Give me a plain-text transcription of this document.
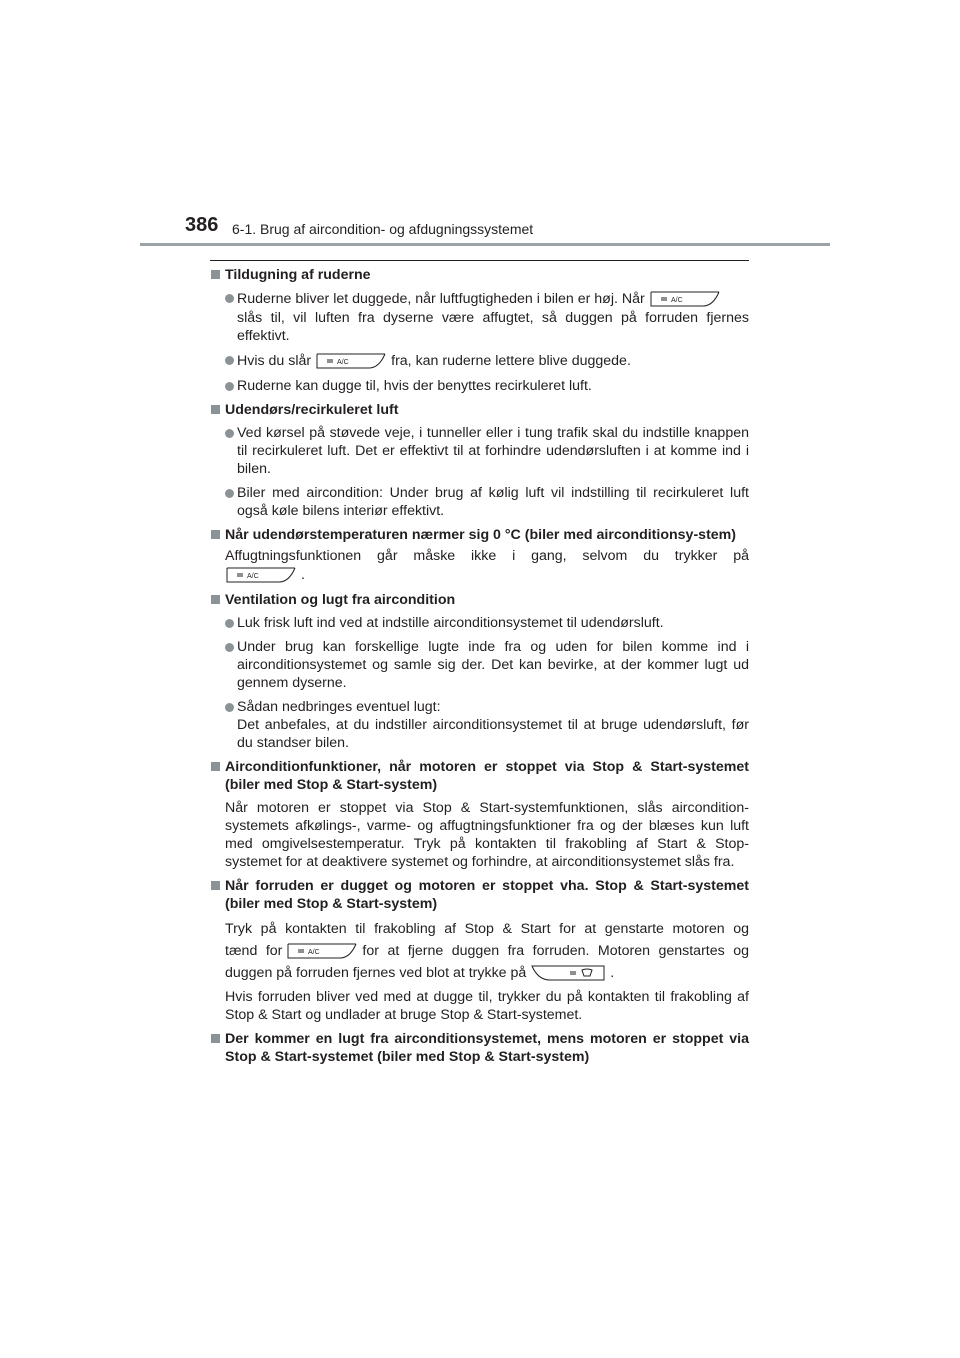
386 6-1. Brug af aircondition- og afdugningssystemet
Tildugning af ruderne
Ruderne bliver let duggede, når luftfugtigheden i bilen er høj. Når	A/C
slås til, vil luften fra dyserne være affugtet, så duggen på forruden fjernes effektivt.
Hvis du slår	A/C	fra, kan ruderne lettere blive duggede.
Ruderne kan dugge til, hvis der benyttes recirkuleret luft.
Udendørs/recirkuleret luft
Ved kørsel på støvede veje, i tunneller eller i tung trafik skal du indstille knappen til recirkuleret luft. Det er effektivt til at forhindre udendørsluften i at komme ind i bilen.
Biler med aircondition: Under brug af kølig luft vil indstilling til recirkuleret luft også køle bilens interiør effektivt.
Når udendørstemperaturen nærmer sig 0 °C (biler med airconditionsy-stem)
Affugtningsfunktionen går måske ikke i gang, selvom du trykker på
A/C	.
Ventilation og lugt fra aircondition
Luk frisk luft ind ved at indstille airconditionsystemet til udendørsluft.
Under brug kan forskellige lugte inde fra og uden for bilen komme ind i airconditionsystemet og samle sig der. Det kan bevirke, at der kommer lugt ud gennem dyserne.
Sådan nedbringes eventuel lugt:
Det anbefales, at du indstiller airconditionsystemet til at bruge udendørsluft, før du standser bilen.
Airconditionfunktioner, når motoren er stoppet via Stop & Start-systemet (biler med Stop & Start-system)
Når motoren er stoppet via Stop & Start-systemfunktionen, slås aircondition-systemets afkølings-, varme- og affugtningsfunktioner fra og der blæses kun luft med omgivelsestemperatur. Tryk på kontakten til frakobling af Start & Stop-systemet for at deaktivere systemet og forhindre, at airconditionsystemet slås fra.
Når forruden er dugget og motoren er stoppet vha. Stop & Start-systemet (biler med Stop & Start-system)
Tryk på kontakten til frakobling af Stop & Start for at genstarte motoren og
tænd for	A/C	for at fjerne duggen fra forruden. Motoren genstartes og
duggen på forruden fjernes ved blot at trykke på	.
Hvis forruden bliver ved med at dugge til, trykker du på kontakten til frakobling af Stop & Start og undlader at bruge Stop & Start-systemet.
Der kommer en lugt fra airconditionsystemet, mens motoren er stoppet via Stop & Start-systemet (biler med Stop & Start-system)
